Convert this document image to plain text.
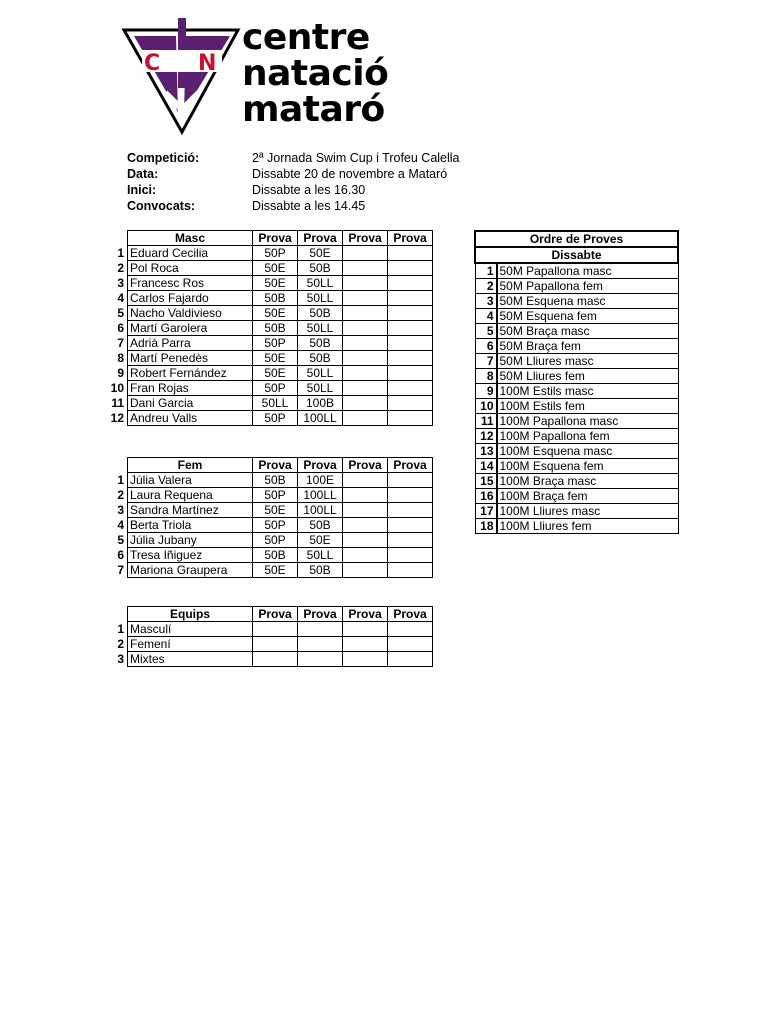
C N
centre
natació
mataró
Competició:	2ª Jornada Swim Cup i Trofeu Calella
Data:	Dissabte 20 de novembre a Mataró
Inici:	Dissabte a les 16.30
Convocats:	Dissabte a les 14.45
	Masc	Prova	Prova	Prova	Prova
1	Eduard Cecilia	50P	50E		
2	Pol Roca	50E	50B		
3	Francesc Ros	50E	50LL		
4	Carlos Fajardo	50B	50LL		
5	Nacho Valdivieso	50E	50B		
6	Martí Garolera	50B	50LL		
7	Adrià Parra	50P	50B		
8	Martí Penedès	50E	50B		
9	Robert Fernández	50E	50LL		
10	Fran Rojas	50P	50LL		
11	Dani Garcia	50LL	100B		
12	Andreu Valls	50P	100LL		
	Fem	Prova	Prova	Prova	Prova
1	Júlia Valera	50B	100E		
2	Laura Requena	50P	100LL		
3	Sandra Martínez	50E	100LL		
4	Berta Triola	50P	50B		
5	Júlia Jubany	50P	50E		
6	Tresa Iñiguez	50B	50LL		
7	Mariona Graupera	50E	50B		
	Equips	Prova	Prova	Prova	Prova
1	Masculí				
2	Femení				
3	Mixtes				
Ordre de Proves	
Dissabte	
1	50M Papallona masc
2	50M Papallona fem
3	50M Esquena masc
4	50M Esquena fem
5	50M Braça masc
6	50M Braça fem
7	50M Lliures masc
8	50M Lliures fem
9	100M Estils masc
10	100M Estils fem
11	100M Papallona masc
12	100M Papallona fem
13	100M Esquena masc
14	100M Esquena fem
15	100M Braça masc
16	100M Braça fem
17	100M Lliures masc
18	100M Lliures fem
